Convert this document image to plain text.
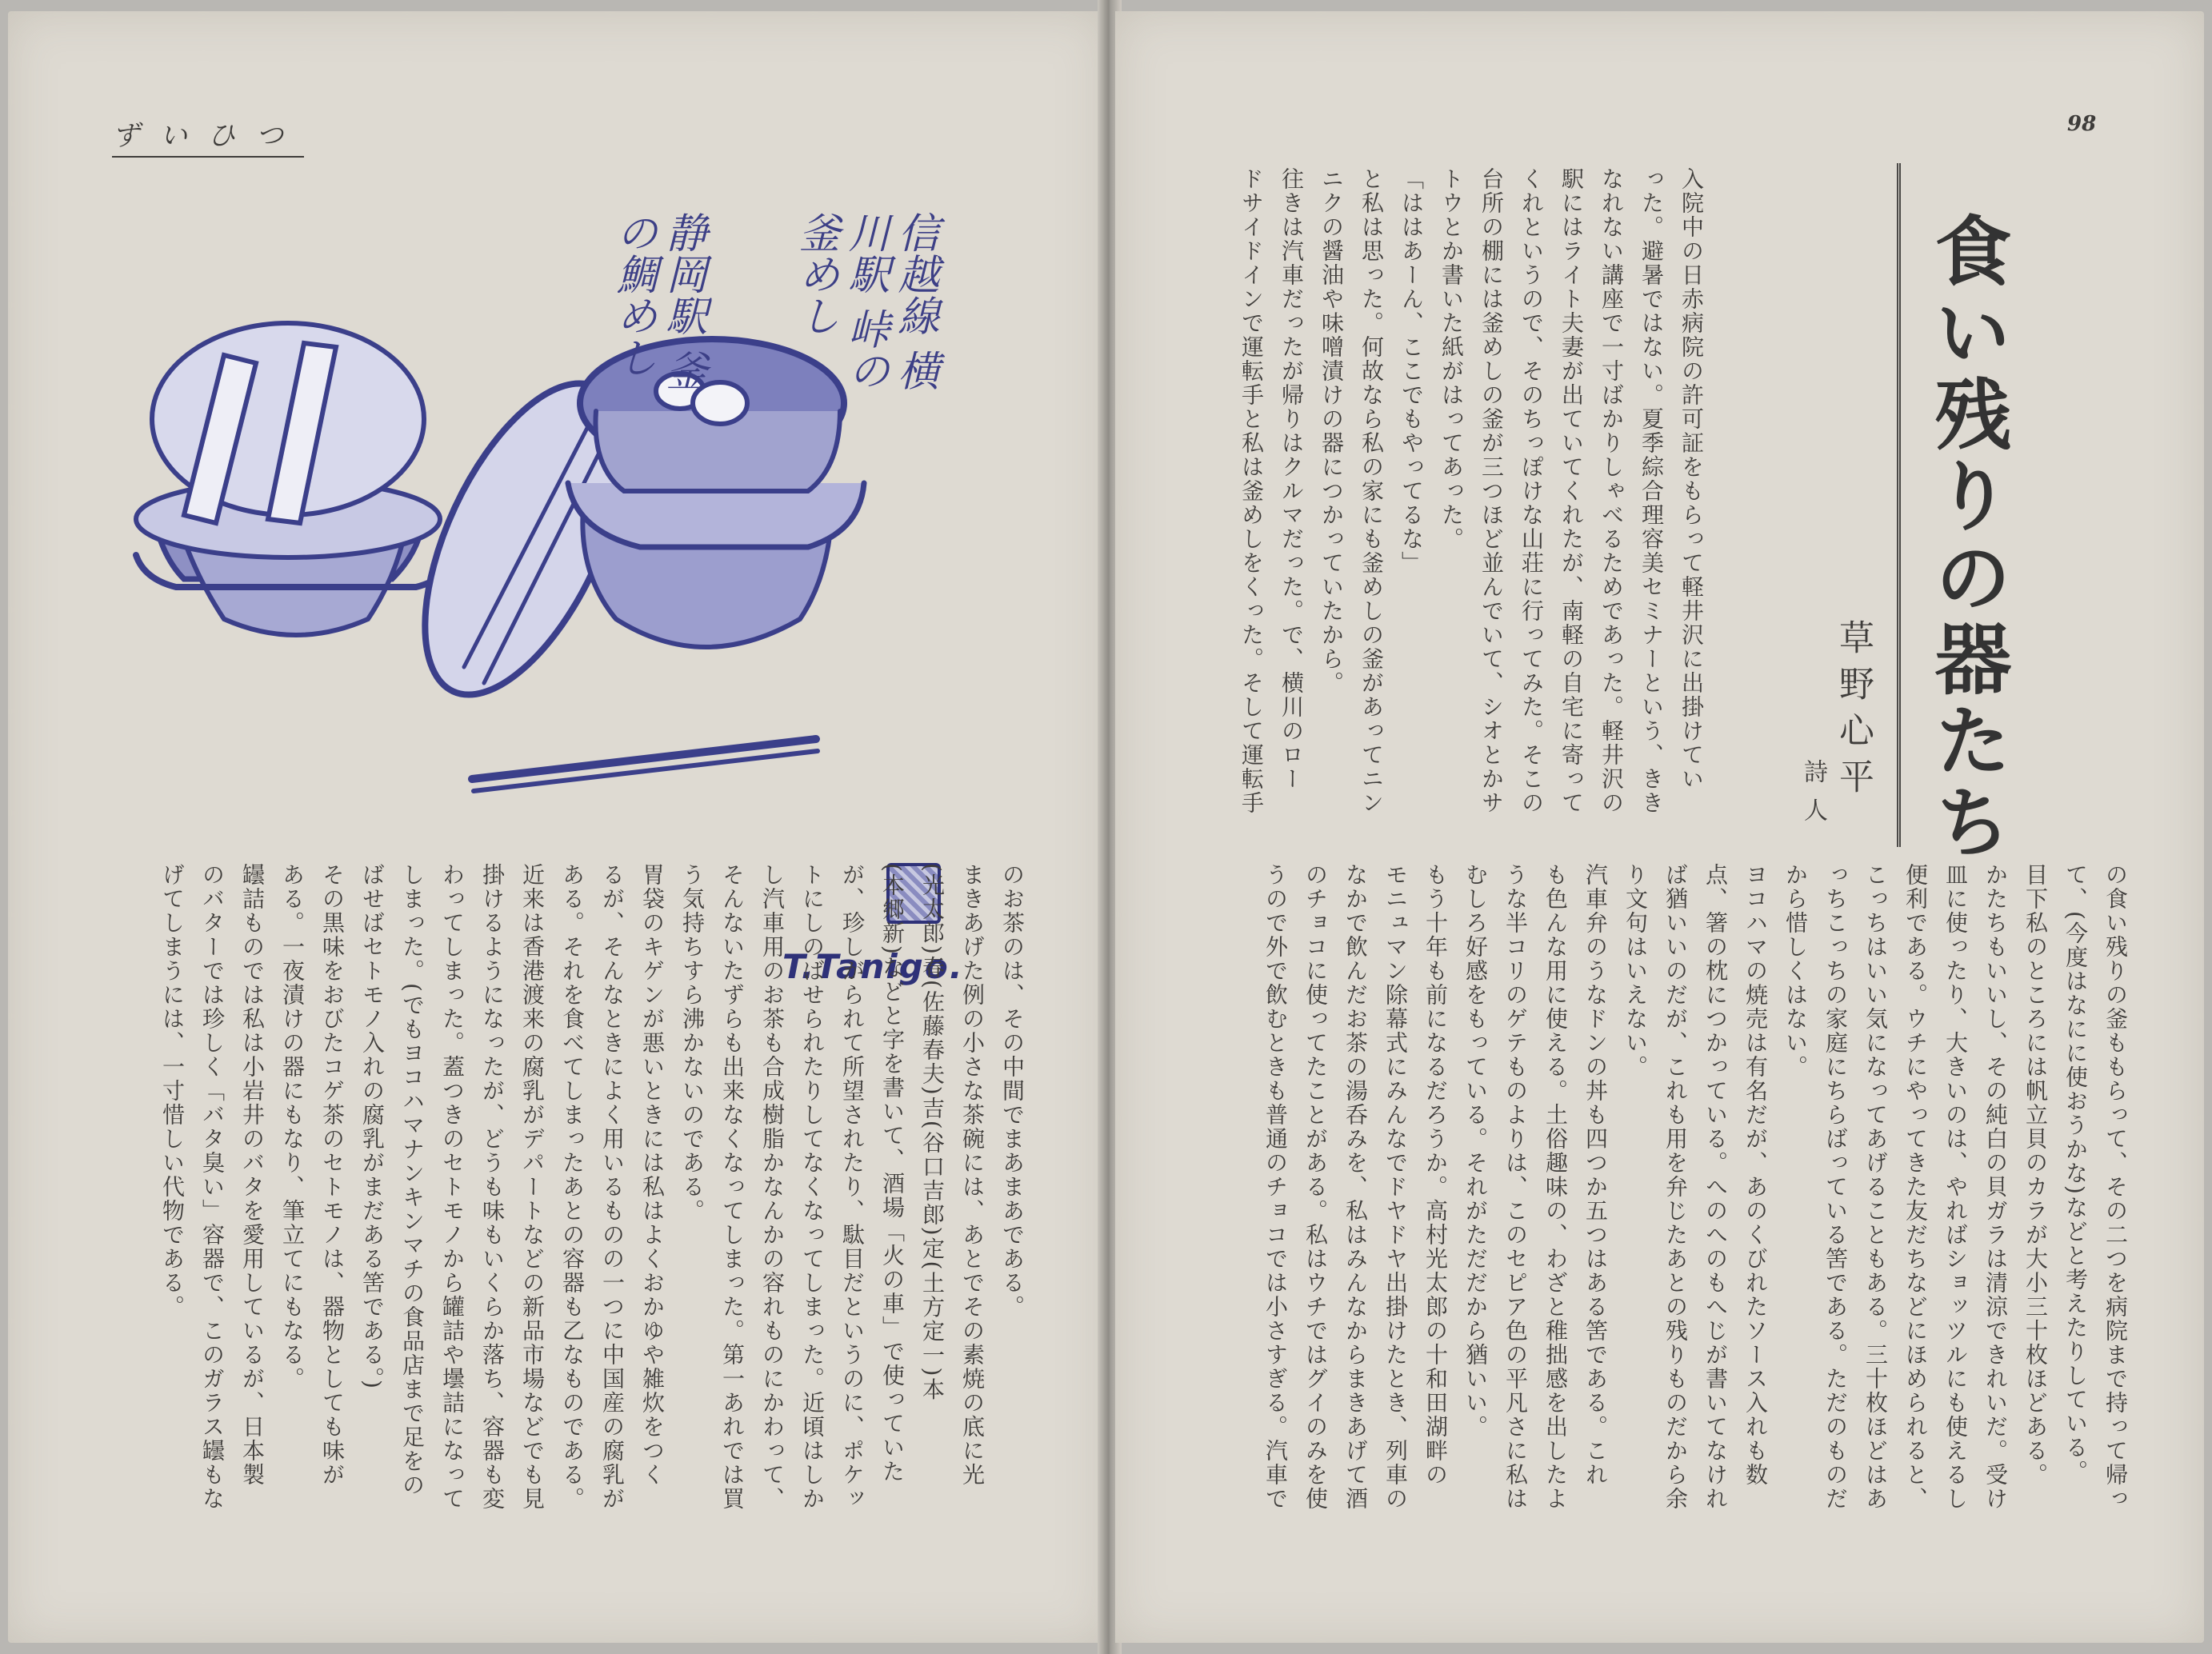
ずいひつ
信越線 横川駅 峠の釜めし
静岡駅 釜の鯛めし
T.Tanigo.	のお茶のは、その中間でまあまあである。
まきあげた例の小さな茶碗には、あとでその素焼の底に光
(光太郎)春(佐藤春夫)吉(谷口吉郎)定(土方定一)本
(本郷新)などと字を書いて、酒場「火の車」で使っていた
が、珍しがられて所望されたり、駄目だというのに、ポケッ
トにしのばせられたりしてなくなってしまった。近頃はしか
し汽車用のお茶も合成樹脂かなんかの容れものにかわって、
そんないたずらも出来なくなってしまった。第一あれでは買
う気持ちすら沸かないのである。
胃袋のキゲンが悪いときには私はよくおかゆや雑炊をつく
るが、そんなときによく用いるものの一つに中国産の腐乳が
ある。それを食べてしまったあとの容器も乙なものである。
近来は香港渡来の腐乳がデパートなどの新品市場などでも見
掛けるようになったが、どうも味もいくらか落ち、容器も変
わってしまった。蓋つきのセトモノから罐詰や壜詰になって
しまった。(でもヨコハマナンキンマチの食品店まで足をの
ばせばセトモノ入れの腐乳がまだある筈である。)
その黒味をおびたコゲ茶のセトモノは、器物としても味が
ある。一夜漬けの器にもなり、筆立てにもなる。
罎詰ものでは私は小岩井のバタを愛用しているが、日本製
のバターでは珍しく「バタ臭い」容器で、このガラス罎もな
げてしまうには、一寸惜しい代物である。
98
入院中の日赤病院の許可証をもらって軽井沢に出掛けてい
った。避暑ではない。夏季綜合理容美セミナーという、きき
なれない講座で一寸ばかりしゃべるためであった。軽井沢の
駅にはライト夫妻が出ていてくれたが、南軽の自宅に寄って
くれというので、そのちっぽけな山荘に行ってみた。そこの
台所の棚には釜めしの釜が三つほど並んでいて、シオとかサ
トウとか書いた紙がはってあった。
「ははあーん、ここでもやってるな」
と私は思った。何故なら私の家にも釜めしの釜があってニン
ニクの醤油や味噌漬けの器につかっていたから。
往きは汽車だったが帰りはクルマだった。で、横川のロー
ドサイドインで運転手と私は釜めしをくった。そして運転手	食い残りの器たち
草野心平
詩人
の食い残りの釜ももらって、その二つを病院まで持って帰っ
て、(今度はなにに使おうかな)などと考えたりしている。
目下私のところには帆立貝のカラが大小三十枚ほどある。
かたちもいいし、その純白の貝ガラは清涼できれいだ。受け
皿に使ったり、大きいのは、やればショッツルにも使えるし
便利である。ウチにやってきた友だちなどにほめられると、
こっちはいい気になってあげることもある。三十枚ほどはあ
っちこっちの家庭にちらばっている筈である。ただのものだ
から惜しくはない。
ヨコハマの焼売は有名だが、あのくびれたソース入れも数
点、箸の枕につかっている。へのへのもへじが書いてなけれ
ば猶いいのだが、これも用を弁じたあとの残りものだから余
り文句はいえない。
汽車弁のうなドンの丼も四つか五つはある筈である。これ
も色んな用に使える。土俗趣味の、わざと稚拙感を出したよ
うな半コリのゲテものよりは、このセピア色の平凡さに私は
むしろ好感をもっている。それがただだから猶いい。
もう十年も前になるだろうか。高村光太郎の十和田湖畔の
モニュマン除幕式にみんなでドヤドヤ出掛けたとき、列車の
なかで飲んだお茶の湯呑みを、私はみんなからまきあげて酒
のチョコに使ってたことがある。私はウチではグイのみを使
うので外で飲むときも普通のチョコでは小さすぎる。汽車で
